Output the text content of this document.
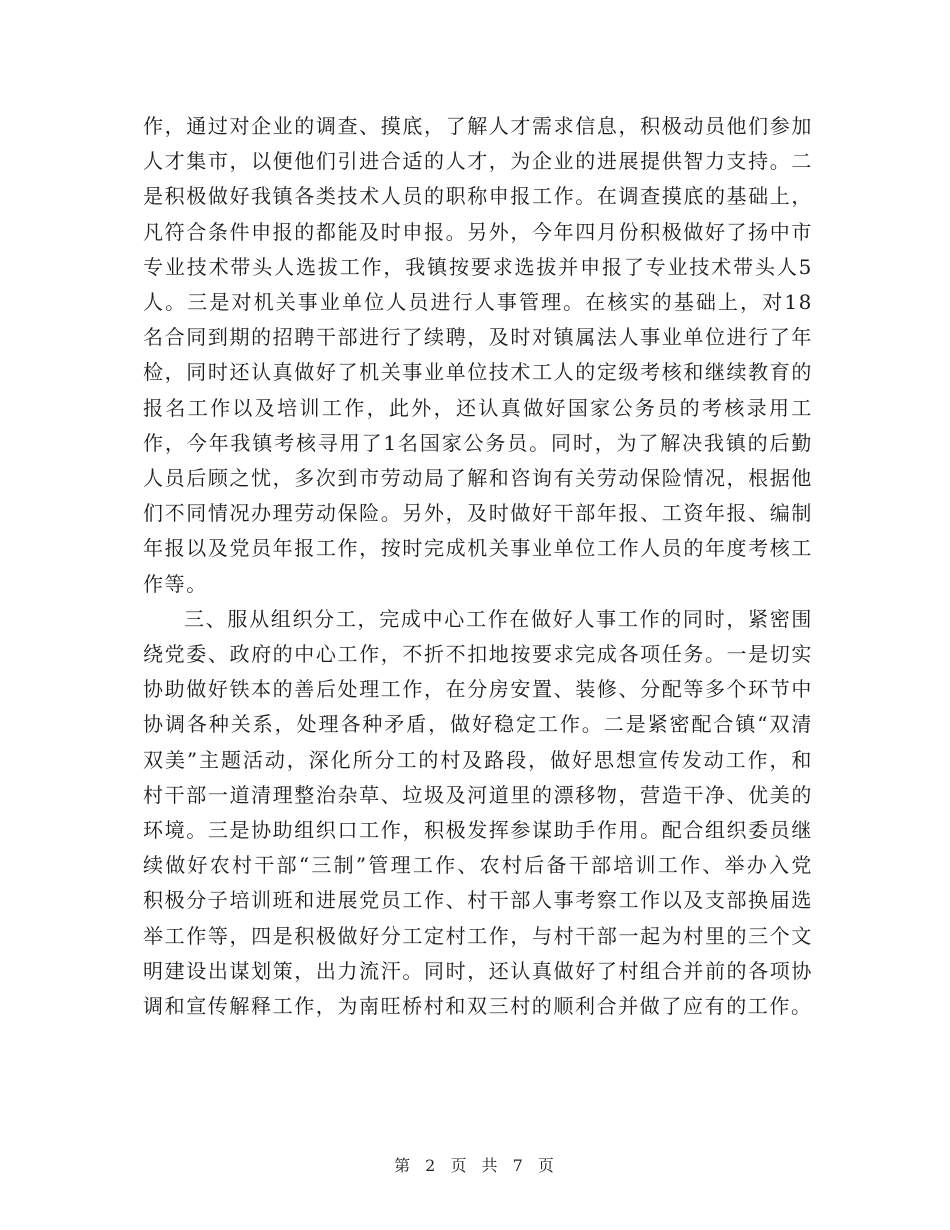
作，通过对企业的调查、摸底，了解人才需求信息，积极动员他们参加人才集市，以便他们引进合适的人才，为企业的进展提供智力支持。二是积极做好我镇各类技术人员的职称申报工作。在调查摸底的基础上，凡符合条件申报的都能及时申报。另外，今年四月份积极做好了扬中市专业技术带头人选拔工作，我镇按要求选拔并申报了专业技术带头人5人。三是对机关事业单位人员进行人事管理。在核实的基础上，对18名合同到期的招聘干部进行了续聘，及时对镇属法人事业单位进行了年检，同时还认真做好了机关事业单位技术工人的定级考核和继续教育的报名工作以及培训工作，此外，还认真做好国家公务员的考核录用工作，今年我镇考核寻用了1名国家公务员。同时，为了解决我镇的后勤人员后顾之忧，多次到市劳动局了解和咨询有关劳动保险情况，根据他们不同情况办理劳动保险。另外，及时做好干部年报、工资年报、编制年报以及党员年报工作，按时完成机关事业单位工作人员的年度考核工作等。

三、服从组织分工，完成中心工作在做好人事工作的同时，紧密围绕党委、政府的中心工作，不折不扣地按要求完成各项任务。一是切实协助做好铁本的善后处理工作，在分房安置、装修、分配等多个环节中协调各种关系，处理各种矛盾，做好稳定工作。二是紧密配合镇“双清双美”主题活动，深化所分工的村及路段，做好思想宣传发动工作，和村干部一道清理整治杂草、垃圾及河道里的漂移物，营造干净、优美的环境。三是协助组织口工作，积极发挥参谋助手作用。配合组织委员继续做好农村干部“三制”管理工作、农村后备干部培训工作、举办入党积极分子培训班和进展党员工作、村干部人事考察工作以及支部换届选举工作等，四是积极做好分工定村工作，与村干部一起为村里的三个文明建设出谋划策，出力流汗。同时，还认真做好了村组合并前的各项协调和宣传解释工作，为南旺桥村和双三村的顺利合并做了应有的工作。

第 2 页 共 7 页
